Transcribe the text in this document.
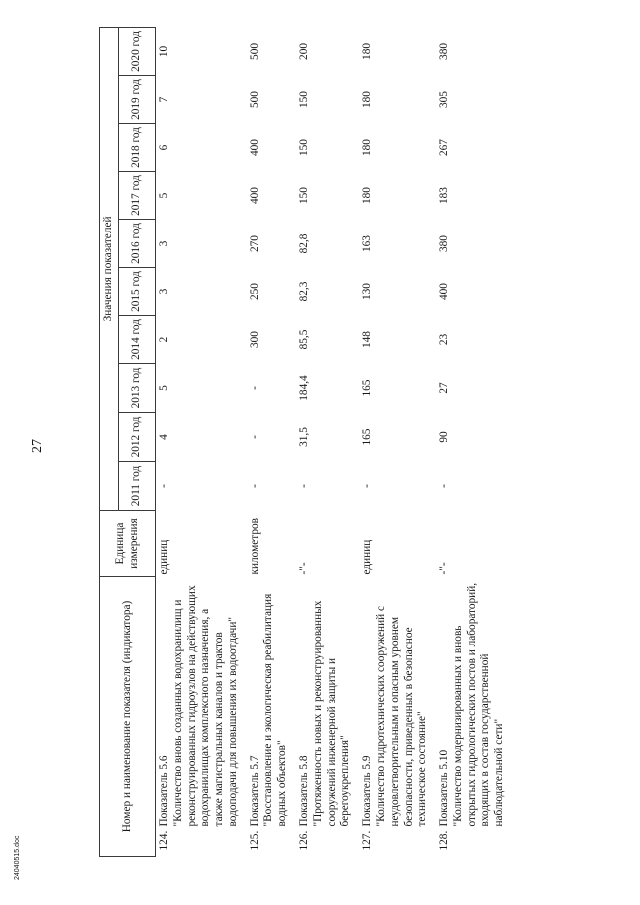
27
Номер и наименование показателя (индикатора)		Единица измерения	Значения показателей									
			2011 год	2012 год	2013 год	2014 год	2015 год	2016 год	2017 год	2018 год	2019 год	2020 год
124.	Показатель 5.6 "Количество вновь созданных водохранилищ и реконструированных гидроузлов на действующих водохранилищах комплексного назначения, а также магистральных каналов и трактов водоподачи для повышения их водоотдачи"	единиц	-	4	5	2	3	3	5	6	7	10
125.	Показатель 5.7 "Восстановление и экологическая реабилитация водных объектов"	километров	-	-	-	300	250	270	400	400	500	500
126.	Показатель 5.8 "Протяженность новых и реконструированных сооружений инженерной защиты и берегоукрепления"	-"-	-	31,5	184,4	85,5	82,3	82,8	150	150	150	200
127.	Показатель 5.9 "Количество гидротехнических сооружений с неудовлетворительным и опасным уровнем безопасности, приведенных в безопасное техническое состояние"	единиц	-	165	165	148	130	163	180	180	180	180
128.	Показатель 5.10 "Количество модернизированных и вновь открытых гидрологических постов и лабораторий, входящих в состав государственной наблюдательной сети"	-"-	-	90	27	23	400	380	183	267	305	380
24040515.doc
